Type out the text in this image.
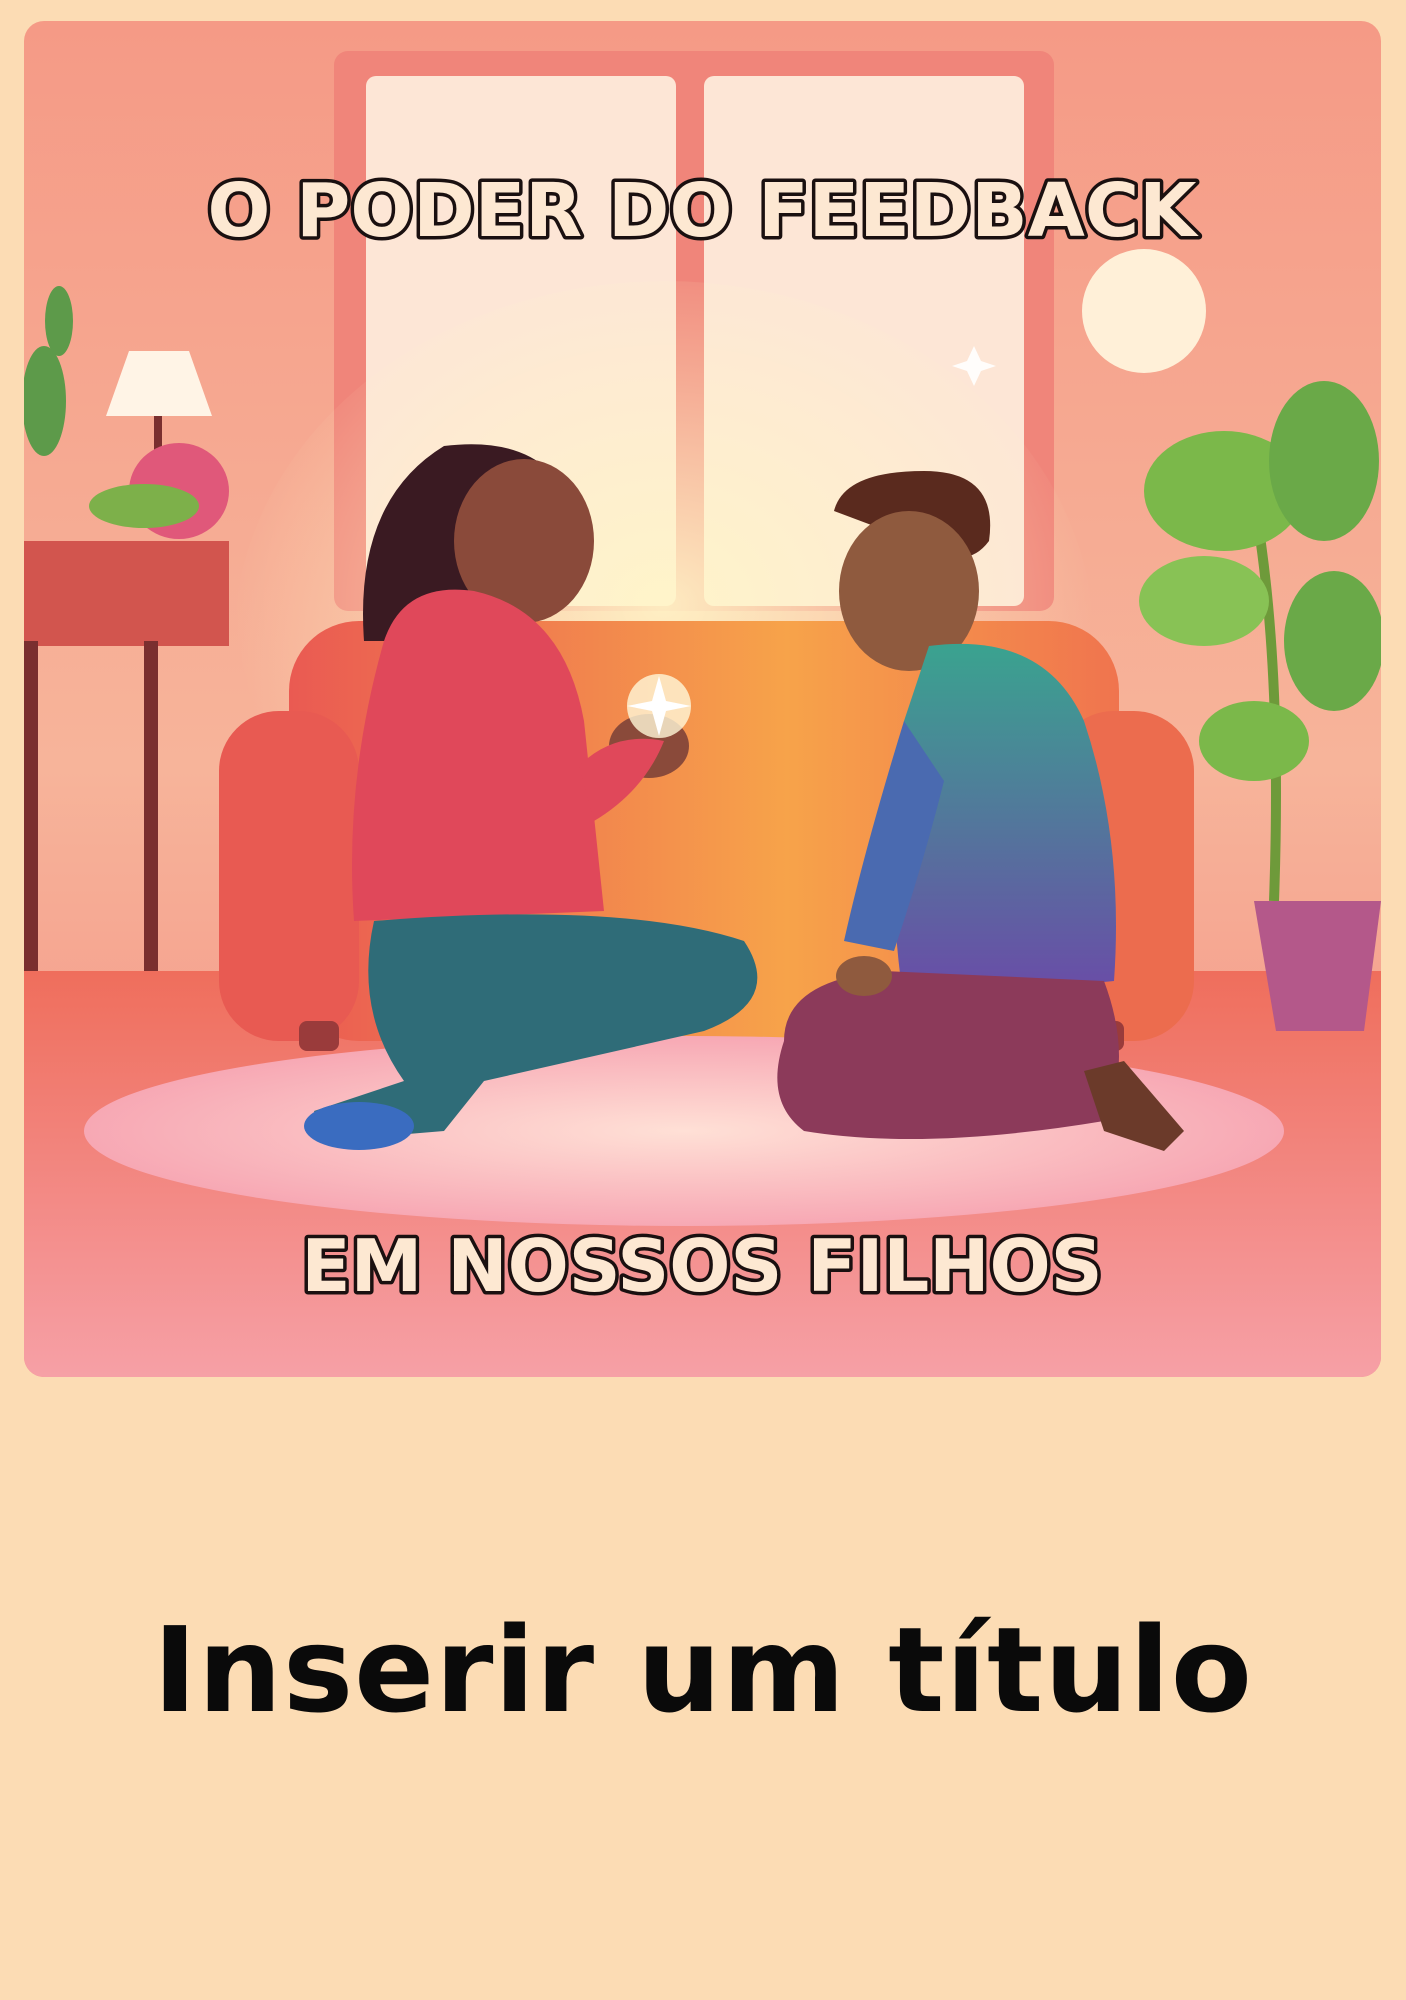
O PODER DO FEEDBACK
EM NOSSOS FILHOS
Inserir um título
